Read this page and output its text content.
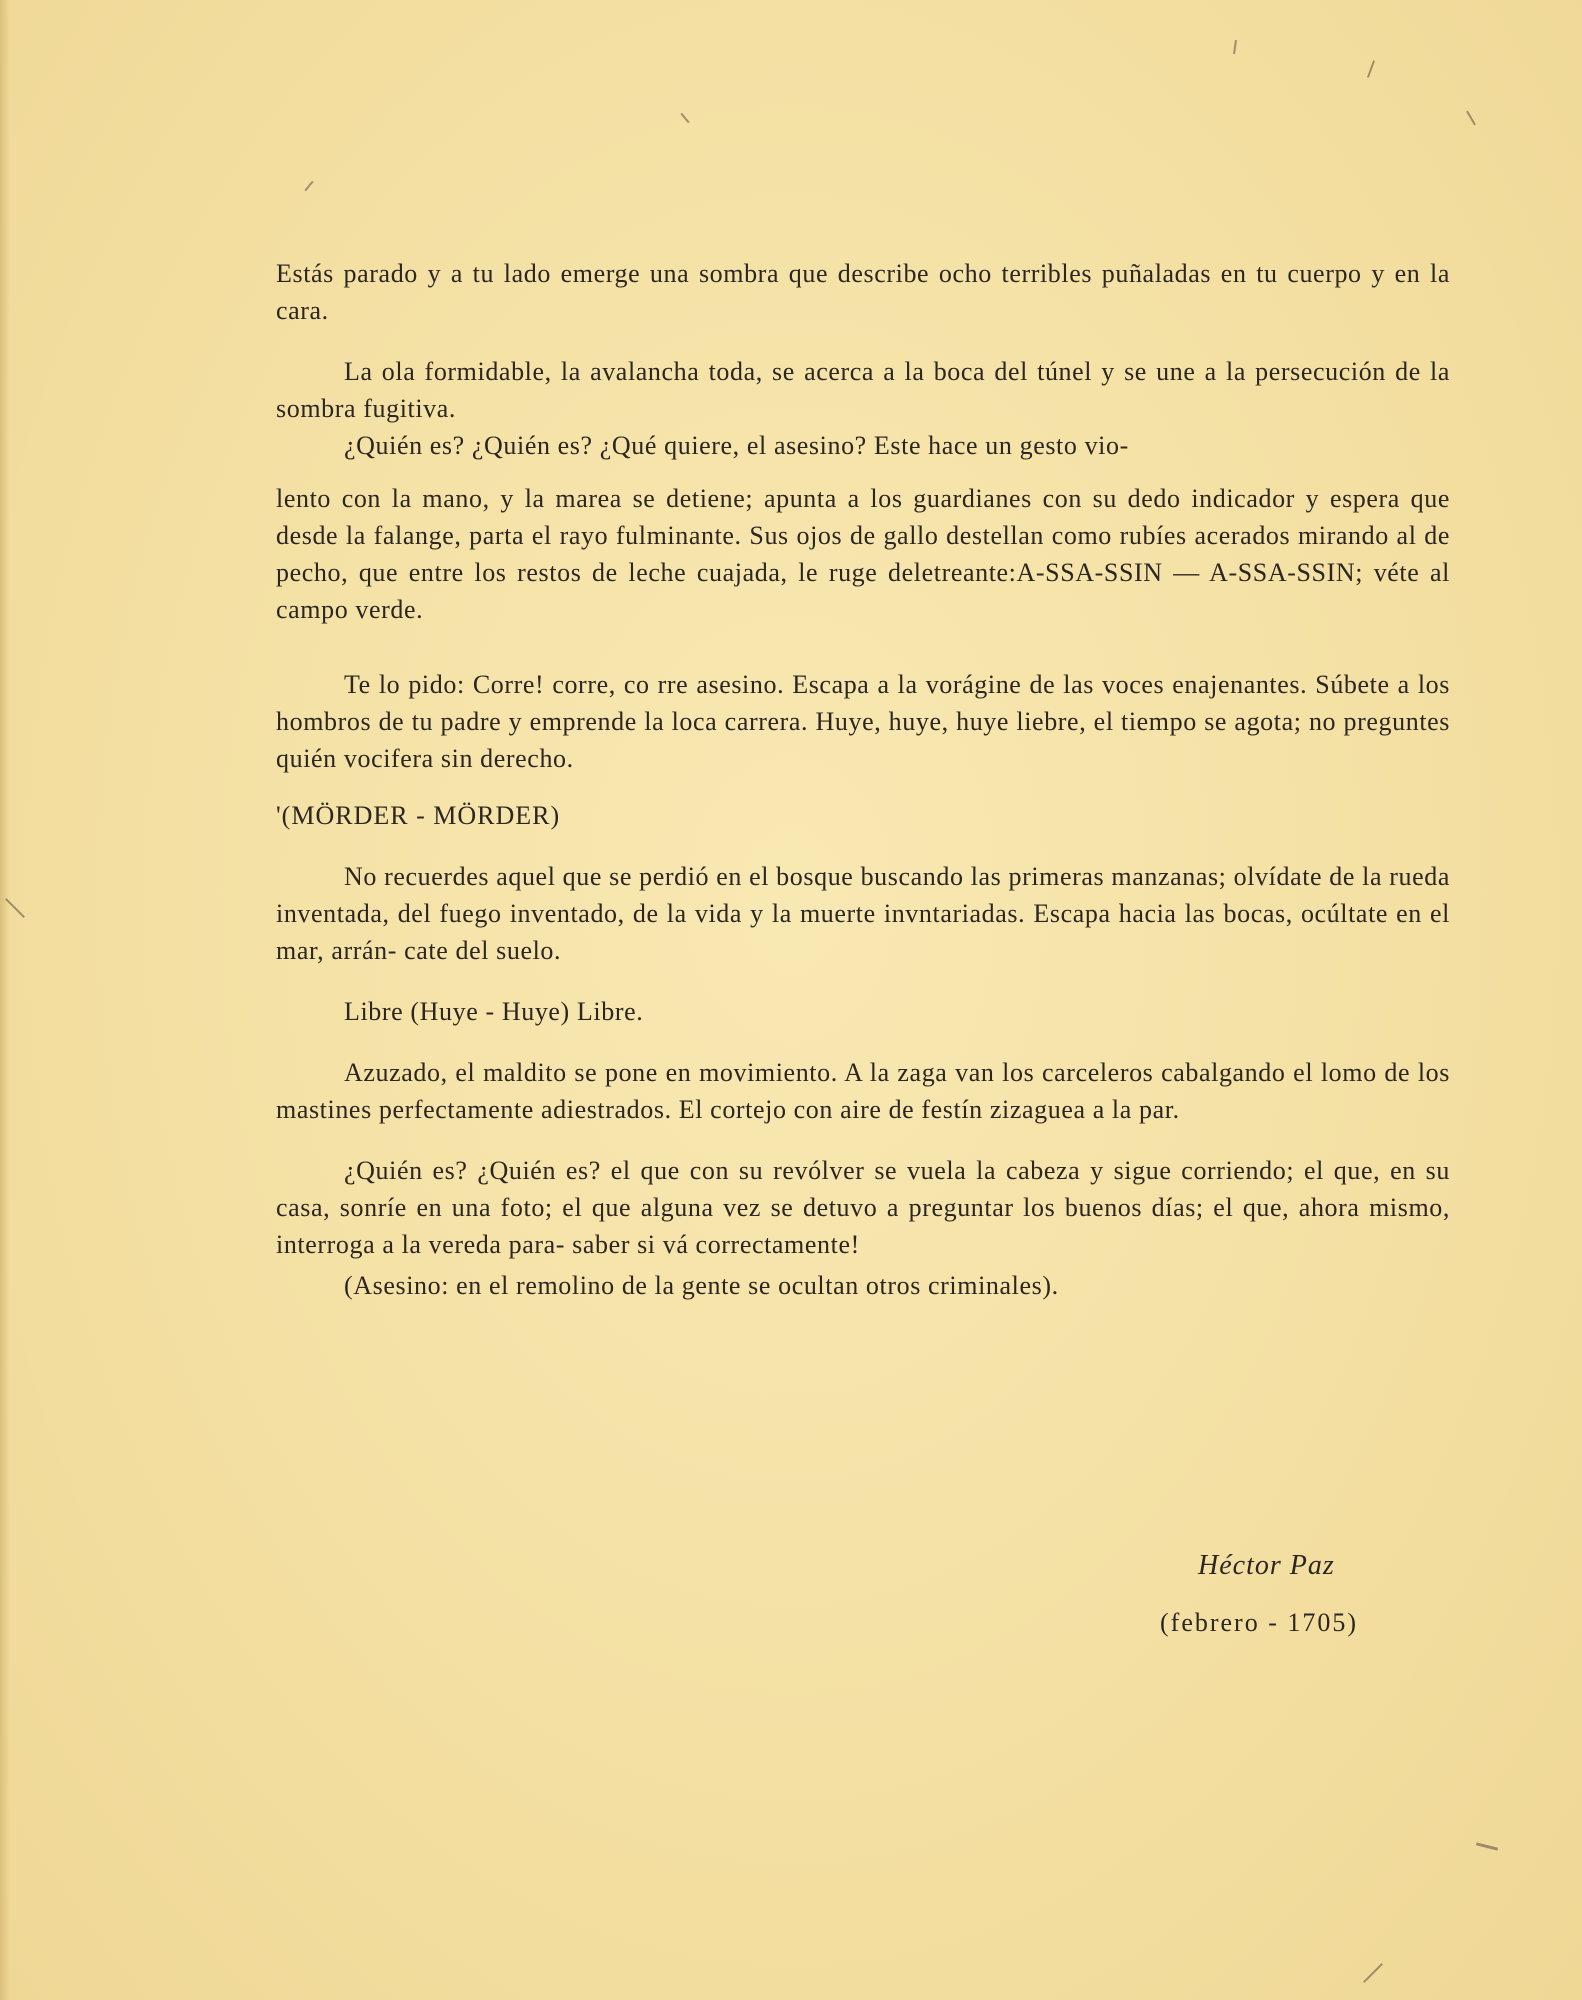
Estás parado y a tu lado emerge una sombra que describe ocho terribles puñaladas en tu cuerpo y en la cara.

La ola formidable, la avalancha toda, se acerca a la boca del túnel y se une a la persecución de la sombra fugitiva.

¿Quién es? ¿Quién es? ¿Qué quiere, el asesino? Este hace un gesto vio-

lento con la mano, y la marea se detiene; apunta a los guardianes con su dedo indicador y espera que desde la falange, parta el rayo fulminante. Sus ojos de gallo destellan como rubíes acerados mirando al de pecho, que entre los restos de leche cuajada, le ruge deletreante:A-SSA-SSIN — A-SSA-SSIN; véte al campo verde.

Te lo pido: Corre! corre, co rre asesino. Escapa a la vorágine de las voces enajenantes. Súbete a los hombros de tu padre y emprende la loca carrera. Huye, huye, huye liebre, el tiempo se agota; no preguntes quién vocifera sin derecho.

'(MÖRDER - MÖRDER)

No recuerdes aquel que se perdió en el bosque buscando las primeras manzanas; olvídate de la rueda inventada, del fuego inventado, de la vida y la muerte invntariadas. Escapa hacia las bocas, ocúltate en el mar, arrán- cate del suelo.

Libre (Huye - Huye) Libre.

Azuzado, el maldito se pone en movimiento. A la zaga van los carceleros cabalgando el lomo de los mastines perfectamente adiestrados. El cortejo con aire de festín zizaguea a la par.

¿Quién es? ¿Quién es? el que con su revólver se vuela la cabeza y sigue corriendo; el que, en su casa, sonríe en una foto; el que alguna vez se detuvo a preguntar los buenos días; el que, ahora mismo, interroga a la vereda para- saber si vá correctamente!

(Asesino: en el remolino de la gente se ocultan otros criminales).

Héctor Paz
(febrero - 1705)
